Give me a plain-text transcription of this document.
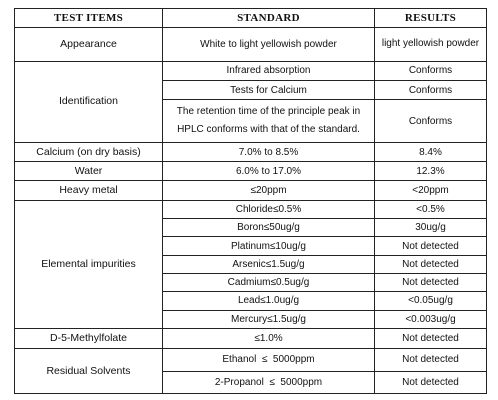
TEST ITEMS	STANDARD	RESULTS
Appearance	White to light yellowish powder	light yellowish powder
Identification	Infrared absorption	Conforms
	Tests for Calcium	Conforms
	The retention time of the principle peak in HPLC conforms with that of the standard.	Conforms
Calcium (on dry basis)	7.0% to 8.5%	8.4%
Water	6.0% to 17.0%	12.3%
Heavy metal	≤20ppm	<20ppm
Elemental impurities	Chloride≤0.5%	<0.5%
	Boron≤50ug/g	30ug/g
	Platinum≤10ug/g	Not detected
	Arsenic≤1.5ug/g	Not detected
	Cadmium≤0.5ug/g	Not detected
	Lead≤1.0ug/g	<0.05ug/g
	Mercury≤1.5ug/g	<0.003ug/g
D-5-Methylfolate	≤1.0%	Not detected
Residual Solvents	Ethanol  ≤  5000ppm	Not detected
	2-Propanol  ≤  5000ppm	Not detected
